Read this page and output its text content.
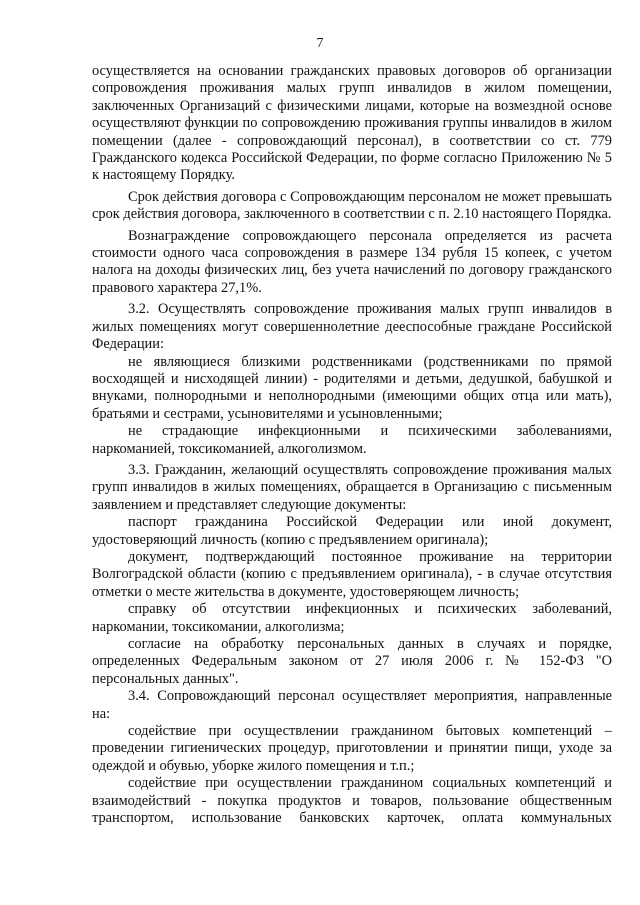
7

осуществляется на основании гражданских правовых договоров об организации сопровождения проживания малых групп инвалидов в жилом помещении, заключенных Организаций с физическими лицами, которые на возмездной основе осуществляют функции по сопровождению проживания группы инвалидов в жилом помещении (далее - сопровождающий персонал), в соответствии со ст. 779 Гражданского кодекса Российской Федерации, по форме согласно Приложению № 5 к настоящему Порядку.

Срок действия договора с Сопровождающим персоналом не может превышать срок действия договора, заключенного в соответствии с п. 2.10 настоящего Порядка.

Вознаграждение сопровождающего персонала определяется из расчета стоимости одного часа сопровождения в размере 134 рубля 15 копеек, с учетом налога на доходы физических лиц, без учета начислений по договору гражданского правового характера 27,1%.

3.2. Осуществлять сопровождение проживания малых групп инвалидов в жилых помещениях могут совершеннолетние дееспособные граждане Российской Федерации:

не являющиеся близкими родственниками (родственниками по прямой восходящей и нисходящей линии) - родителями и детьми, дедушкой, бабушкой и внуками, полнородными и неполнородными (имеющими общих отца или мать), братьями и сестрами, усыновителями и усыновленными;

не страдающие инфекционными и психическими заболеваниями, наркоманией, токсикоманией, алкоголизмом.

3.3. Гражданин, желающий осуществлять сопровождение проживания малых групп инвалидов в жилых помещениях, обращается в Организацию с письменным заявлением и представляет следующие документы:

паспорт гражданина Российской Федерации или иной документ, удостоверяющий личность (копию с предъявлением оригинала);

документ, подтверждающий постоянное проживание на территории Волгоградской области (копию с предъявлением оригинала), - в случае отсутствия отметки о месте жительства в документе, удостоверяющем личность;

справку об отсутствии инфекционных и психических заболеваний, наркомании, токсикомании, алкоголизма;

согласие на обработку персональных данных в случаях и порядке, определенных Федеральным законом от 27 июля 2006 г. № 152-ФЗ "О персональных данных".

3.4. Сопровождающий персонал осуществляет мероприятия, направленные на:

содействие при осуществлении гражданином бытовых компетенций – проведении гигиенических процедур, приготовлении и принятии пищи, уходе за одеждой и обувью, уборке жилого помещения и т.п.;

содействие при осуществлении гражданином социальных компетенций и взаимодействий - покупка продуктов и товаров, пользование общественным транспортом, использование банковских карточек, оплата коммунальных
